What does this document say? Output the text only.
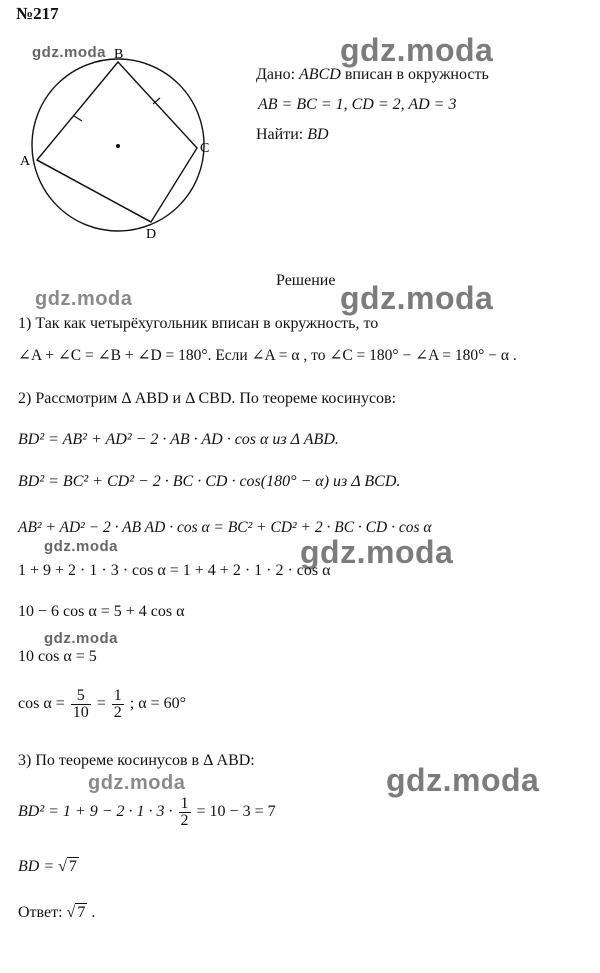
№217
gdz.moda	gdz.moda
gdz.moda	gdz.moda
gdz.moda	gdz.moda
gdz.moda
gdz.moda	gdz.moda
A
B
C
D
Дано: ABCD вписан в окружность
AB = BC = 1, CD = 2, AD = 3
Найти: BD
Решение
1) Так как четырёхугольник вписан в окружность, то
∠A + ∠C = ∠B + ∠D = 180°. Если ∠A = α , то ∠C = 180° − ∠A = 180° − α .
2) Рассмотрим Δ ABD и Δ CBD. По теореме косинусов:
BD² = AB² + AD² − 2 · AB · AD · cos α из Δ ABD.
BD² = BC² + CD² − 2 · BC · CD · cos(180° − α) из Δ BCD.
AB² + AD² − 2 · AB AD · cos α = BC² + CD² + 2 · BC · CD · cos α
1 + 9 + 2 · 1 · 3 · cos α = 1 + 4 + 2 · 1 · 2 · cos α
10 − 6 cos α = 5 + 4 cos α
10 cos α = 5
$\cos \alpha = \frac{5}{10} = \frac{1}{2}$ ; α = 60°
3) По теореме косинусов в Δ ABD:
$BD^2 = 1 + 9 - 2 \cdot 1 \cdot 3 \cdot \frac{1}{2} = 10 - 3 = 7$
BD = √ 7
Ответ: √ 7 .
